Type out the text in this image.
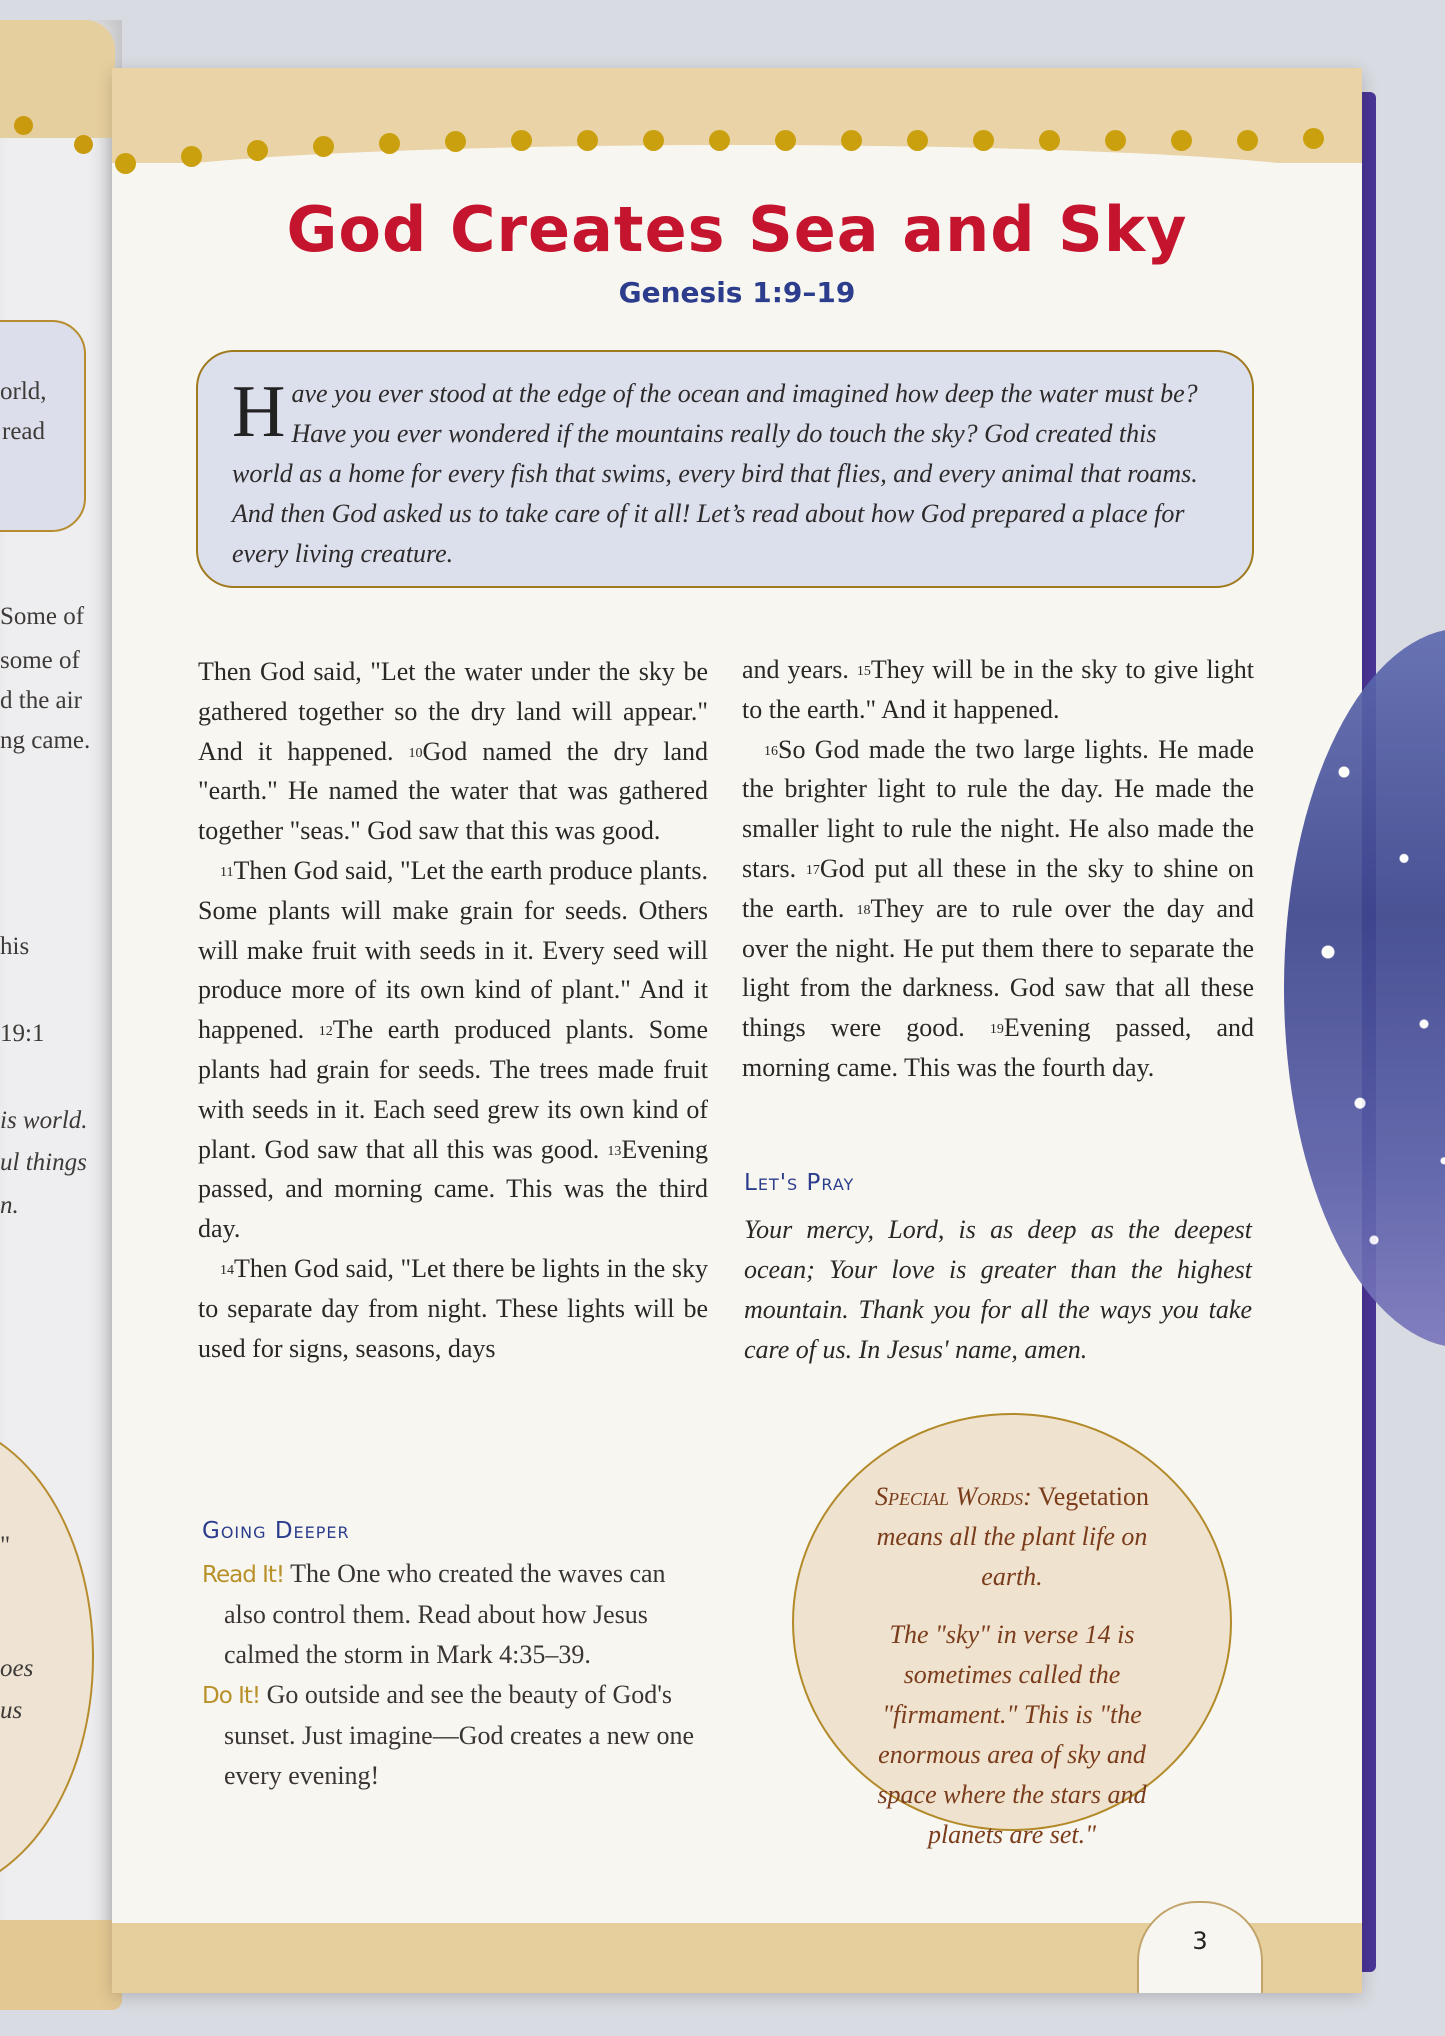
orld,
read
Some of
some of
d the air
ng came.
his
19:1
is world.
ul things
n.
"
oes
us
God Creates Sea and Sky
Genesis 1:9–19
Have you ever stood at the edge of the ocean and imagined how deep the water must be? Have you ever wondered if the mountains really do touch the sky? God created this world as a home for every fish that swims, every bird that flies, and every animal that roams. And then God asked us to take care of it all! Let’s read about how God prepared a place for every living creature.

Then God said, "Let the water under the sky be gathered together so the dry land will appear." And it happened. $^{10}$God named the dry land "earth." He named the water that was gathered together "seas." God saw that this was good.

$^{11}$Then God said, "Let the earth produce plants. Some plants will make grain for seeds. Others will make fruit with seeds in it. Every seed will produce more of its own kind of plant." And it happened. $^{12}$The earth produced plants. Some plants had grain for seeds. The trees made fruit with seeds in it. Each seed grew its own kind of plant. God saw that all this was good. $^{13}$Evening passed, and morning came. This was the third day.

$^{14}$Then God said, "Let there be lights in the sky to separate day from night. These lights will be used for signs, seasons, days

and years. $^{15}$They will be in the sky to give light to the earth." And it happened.

$^{16}$So God made the two large lights. He made the brighter light to rule the day. He made the smaller light to rule the night. He also made the stars. $^{17}$God put all these in the sky to shine on the earth. $^{18}$They are to rule over the day and over the night. He put them there to separate the light from the darkness. God saw that all these things were good. $^{19}$Evening passed, and morning came. This was the fourth day.

Let's Pray
Your mercy, Lord, is as deep as the deepest ocean; Your love is greater than the highest mountain. Thank you for all the ways you take care of us. In Jesus' name, amen.
Going Deeper

Read It! The One who created the waves can also control them. Read about how Jesus calmed the storm in Mark 4:35–39.

Do It! Go outside and see the beauty of God's sunset. Just imagine—God creates a new one every evening!

Special Words: Vegetation means all the plant life on earth.

The "sky" in verse 14 is sometimes called the "firmament." This is "the enormous area of sky and space where the stars and planets are set."

3
